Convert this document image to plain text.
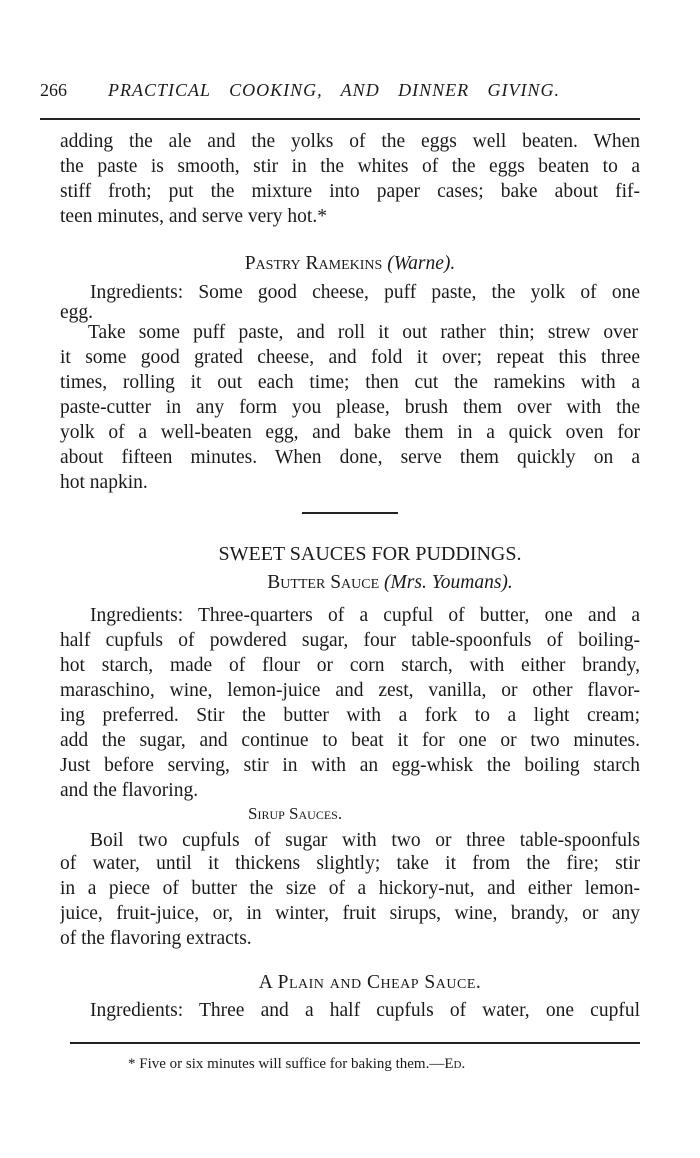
266 PRACTICAL COOKING, AND DINNER GIVING.
adding the ale and the yolks of the eggs well beaten. When
the paste is smooth, stir in the whites of the eggs beaten to a
stiff froth; put the mixture into paper cases; bake about fif-
teen minutes, and serve very hot.*
Pastry Ramekins (Warne).
Ingredients: Some good cheese, puff paste, the yolk of one
egg.
Take some puff paste, and roll it out rather thin; strew over
it some good grated cheese, and fold it over; repeat this three
times, rolling it out each time; then cut the ramekins with a
paste-cutter in any form you please, brush them over with the
yolk of a well-beaten egg, and bake them in a quick oven for
about fifteen minutes. When done, serve them quickly on a
hot napkin.
SWEET SAUCES FOR PUDDINGS.
Butter Sauce (Mrs. Youmans).
Ingredients: Three-quarters of a cupful of butter, one and a
half cupfuls of powdered sugar, four table-spoonfuls of boiling-
hot starch, made of flour or corn starch, with either brandy,
maraschino, wine, lemon-juice and zest, vanilla, or other flavor-
ing preferred. Stir the butter with a fork to a light cream;
add the sugar, and continue to beat it for one or two minutes.
Just before serving, stir in with an egg-whisk the boiling starch
and the flavoring.
Sirup Sauces.
Boil two cupfuls of sugar with two or three table-spoonfuls
of water, until it thickens slightly; take it from the fire; stir
in a piece of butter the size of a hickory-nut, and either lemon-
juice, fruit-juice, or, in winter, fruit sirups, wine, brandy, or any
of the flavoring extracts.
A Plain and Cheap Sauce.
Ingredients: Three and a half cupfuls of water, one cupful
* Five or six minutes will suffice for baking them.—Ed.
